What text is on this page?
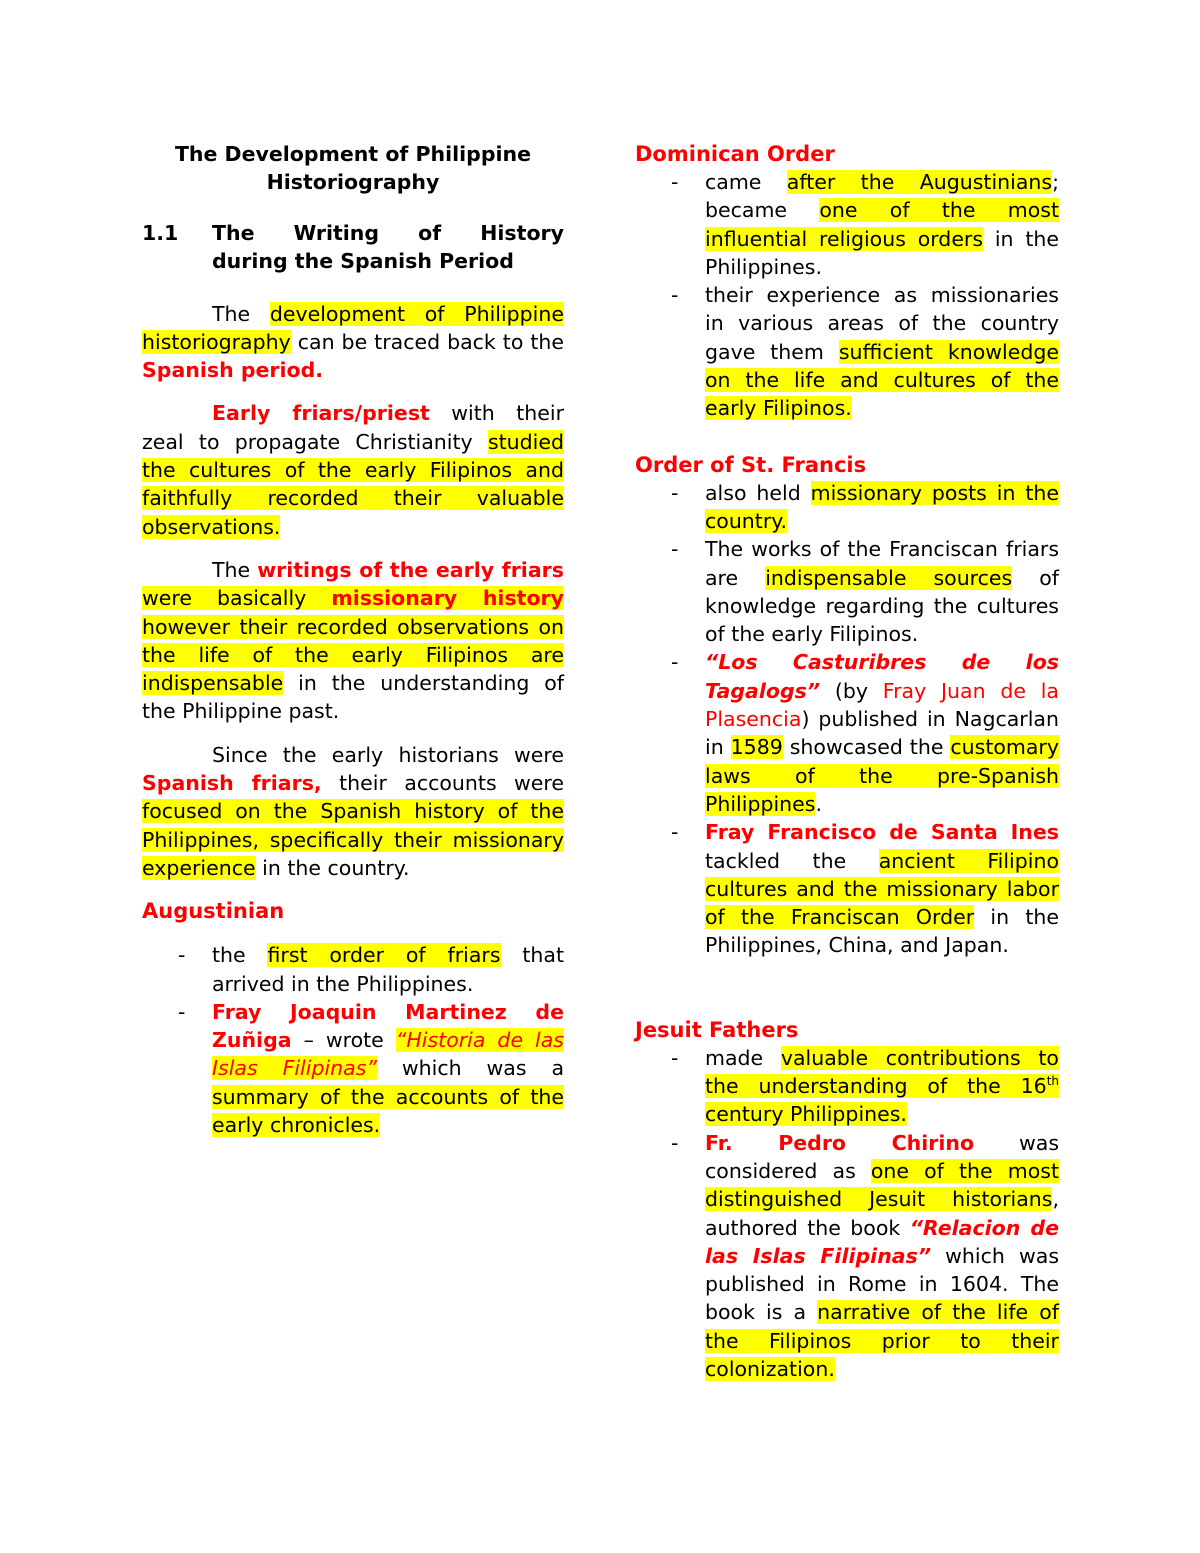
The Development of Philippine
Historiography

1.1	The Writing of History
during the Spanish Period

The development of Philippine historiography can be traced back to the Spanish period.

Early friars/priest with their zeal to propagate Christianity studied the cultures of the early Filipinos and faithfully recorded their valuable observations.

The writings of the early friars were basically missionary history however their recorded observations on the life of the early Filipinos are indispensable in the understanding of the Philippine past.

Since the early historians were Spanish friars, their accounts were focused on the Spanish history of the Philippines, specifically their missionary experience in the country.

Augustinian

- the first order of friars that arrived in the Philippines.
- Fray Joaquin Martinez de Zuñiga – wrote “Historia de las Islas Filipinas” which was a summary of the accounts of the early chronicles.

Dominican Order

- came after the Augustinians; became one of the most influential religious orders in the Philippines.
- their experience as missionaries in various areas of the country gave them sufficient knowledge on the life and cultures of the early Filipinos.

Order of St. Francis

- also held missionary posts in the country.
- The works of the Franciscan friars are indispensable sources of knowledge regarding the cultures of the early Filipinos.
- “Los Casturibres de los Tagalogs” (by Fray Juan de la Plasencia) published in Nagcarlan in 1589 showcased the customary laws of the pre-Spanish Philippines.
- Fray Francisco de Santa Ines tackled the ancient Filipino cultures and the missionary labor of the Franciscan Order in the Philippines, China, and Japan.

Jesuit Fathers

- made valuable contributions to the understanding of the 16th century Philippines.
- Fr. Pedro Chirino was considered as one of the most distinguished Jesuit historians, authored the book “Relacion de las Islas Filipinas” which was published in Rome in 1604. The book is a narrative of the life of the Filipinos prior to their colonization.
